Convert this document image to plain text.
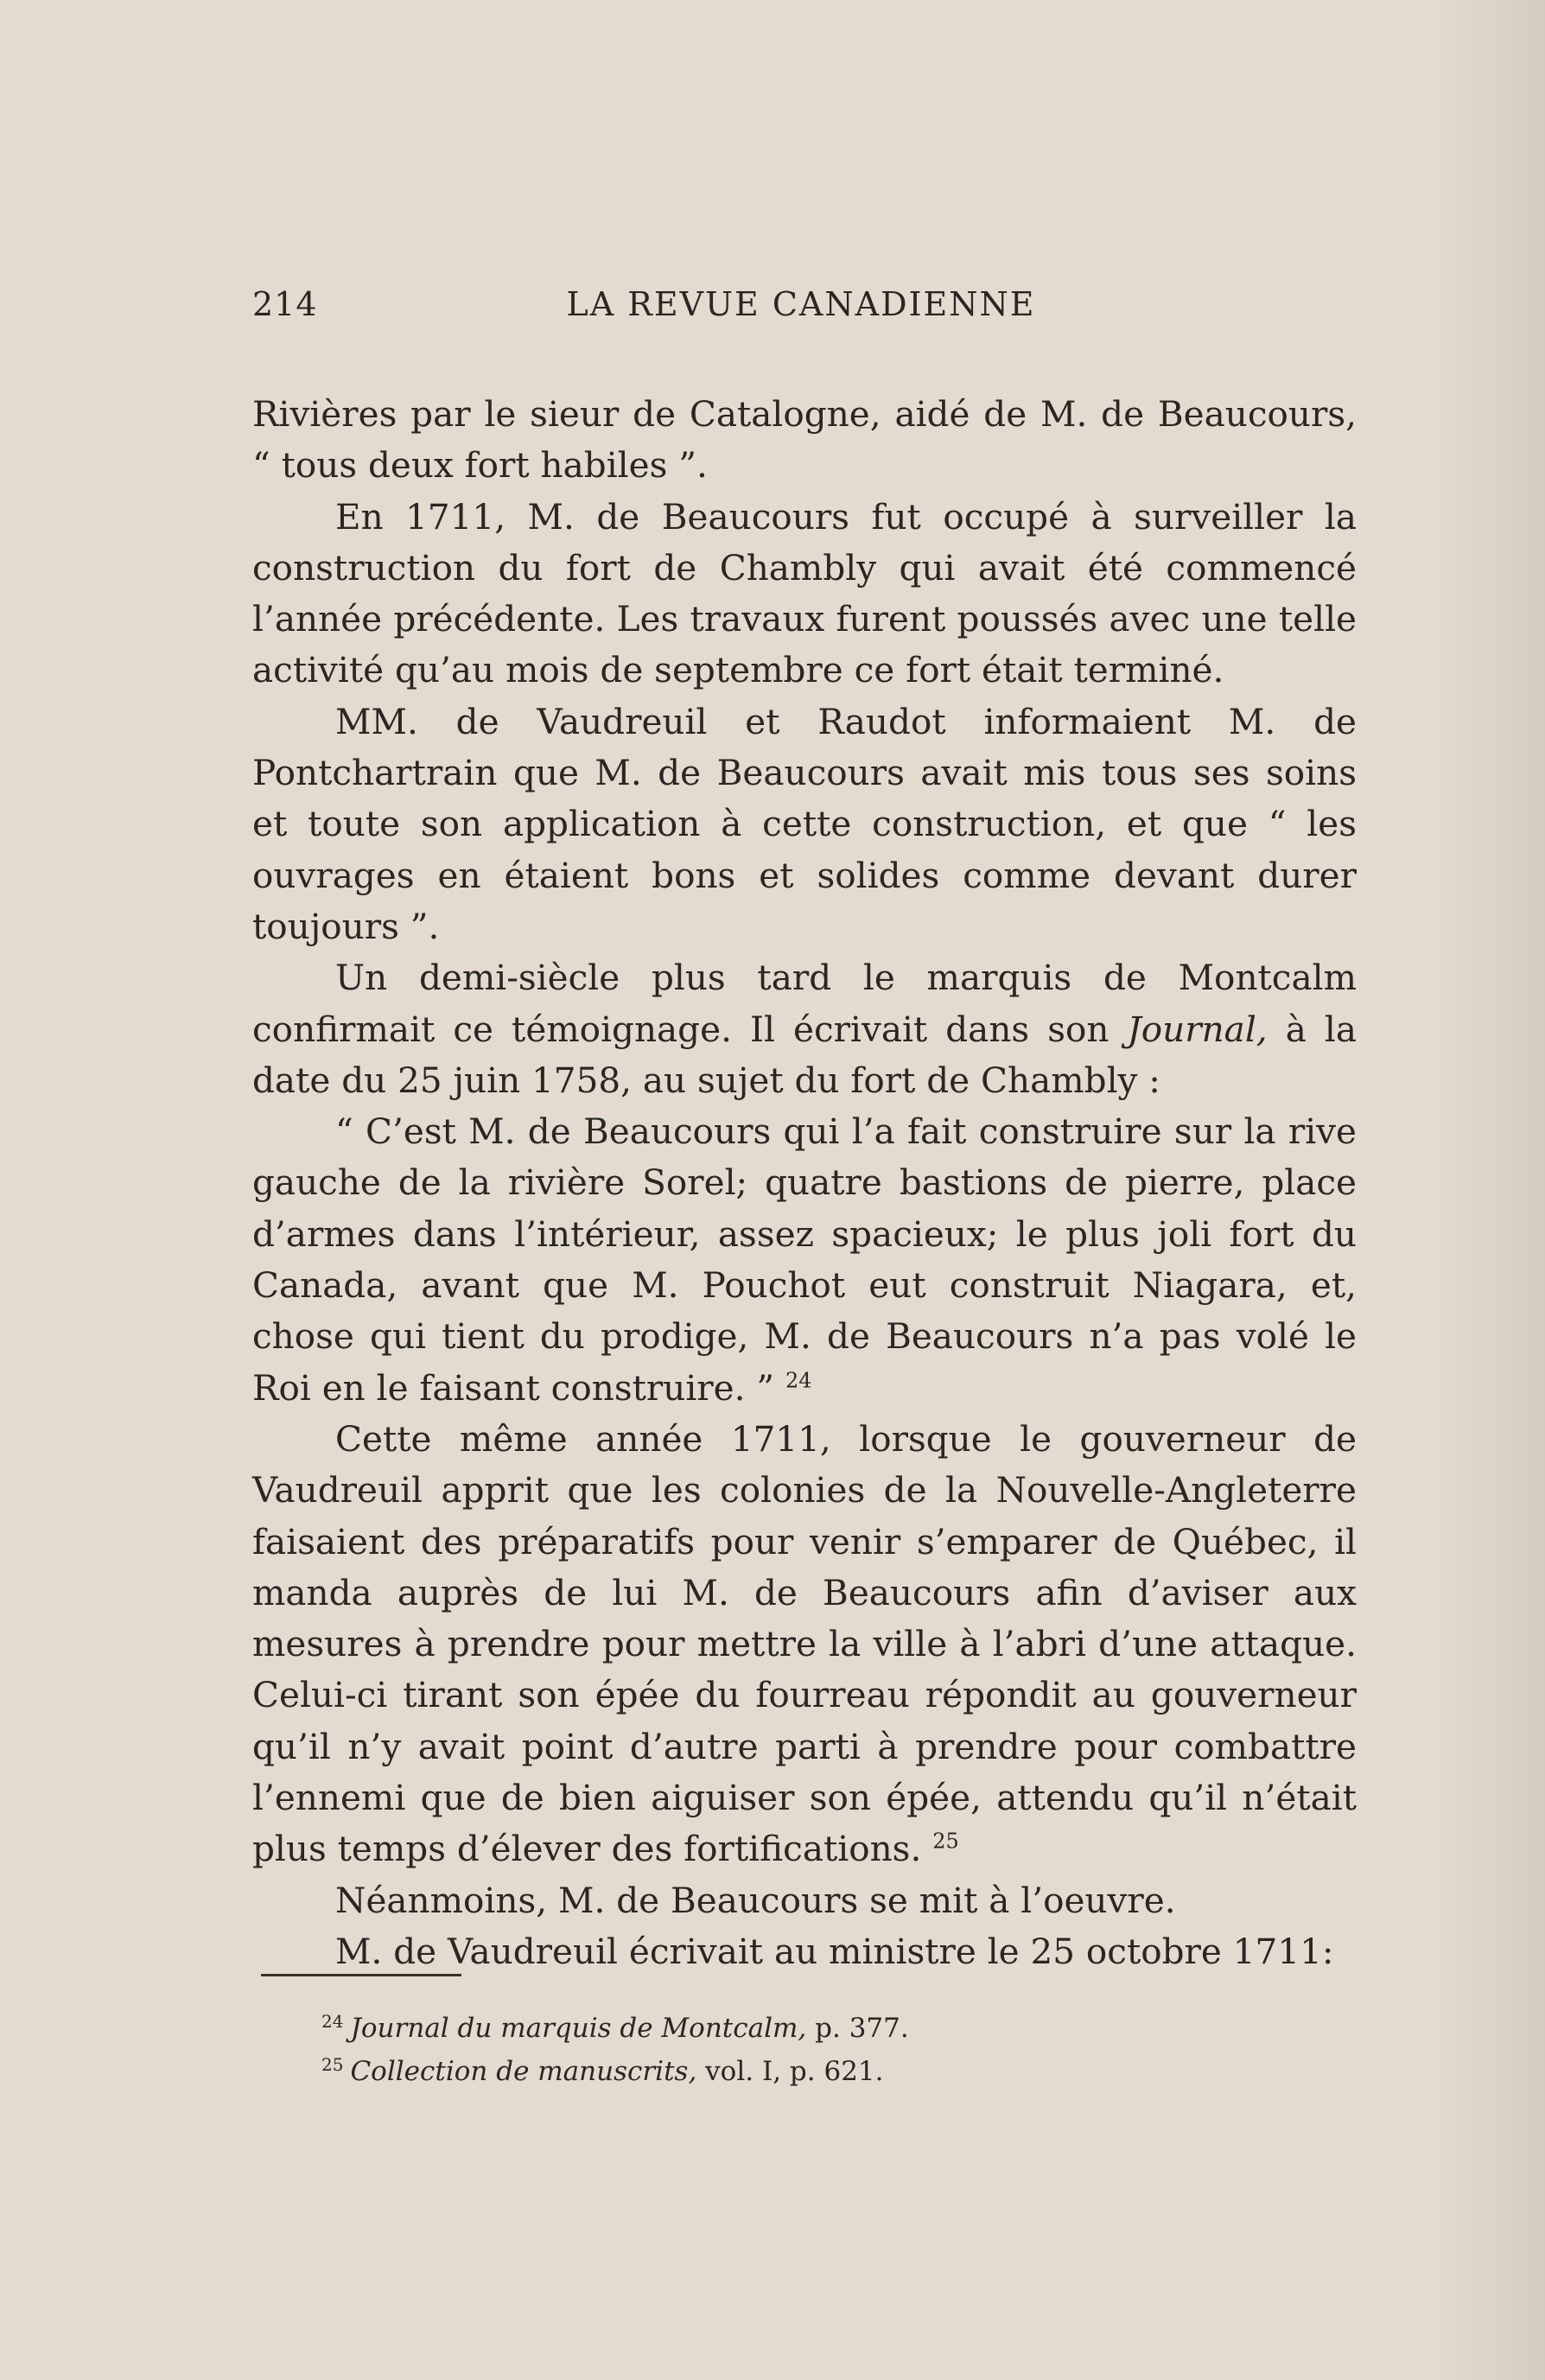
214	LA REVUE CANADIENNE

Rivières par le sieur de Catalogne, aidé de M. de Beaucours, “ tous deux fort habiles ”.

En 1711, M. de Beaucours fut occupé à surveiller la construction du fort de Chambly qui avait été commencé l’année précédente. Les travaux furent poussés avec une telle activité qu’au mois de septembre ce fort était terminé.

MM. de Vaudreuil et Raudot informaient M. de Pontchartrain que M. de Beaucours avait mis tous ses soins et toute son application à cette construction, et que “ les ouvrages en étaient bons et solides comme devant durer toujours ”.

Un demi-siècle plus tard le marquis de Montcalm confirmait ce témoignage. Il écrivait dans son Journal, à la date du 25 juin 1758, au sujet du fort de Chambly :

“ C’est M. de Beaucours qui l’a fait construire sur la rive gauche de la rivière Sorel; quatre bastions de pierre, place d’armes dans l’intérieur, assez spacieux; le plus joli fort du Canada, avant que M. Pouchot eut construit Niagara, et, chose qui tient du prodige, M. de Beaucours n’a pas volé le Roi en le faisant construire. ” $^{24}$

Cette même année 1711, lorsque le gouverneur de Vaudreuil apprit que les colonies de la Nouvelle-Angleterre faisaient des préparatifs pour venir s’emparer de Québec, il manda auprès de lui M. de Beaucours afin d’aviser aux mesures à prendre pour mettre la ville à l’abri d’une attaque. Celui-ci tirant son épée du fourreau répondit au gouverneur qu’il n’y avait point d’autre parti à prendre pour combattre l’ennemi que de bien aiguiser son épée, attendu qu’il n’était plus temps d’élever des fortifications. $^{25}$

Néanmoins, M. de Beaucours se mit à l’oeuvre.

M. de Vaudreuil écrivait au ministre le 25 octobre 1711:

$^{24}$ Journal du marquis de Montcalm, p. 377.

$^{25}$ Collection de manuscrits, vol. I, p. 621.
